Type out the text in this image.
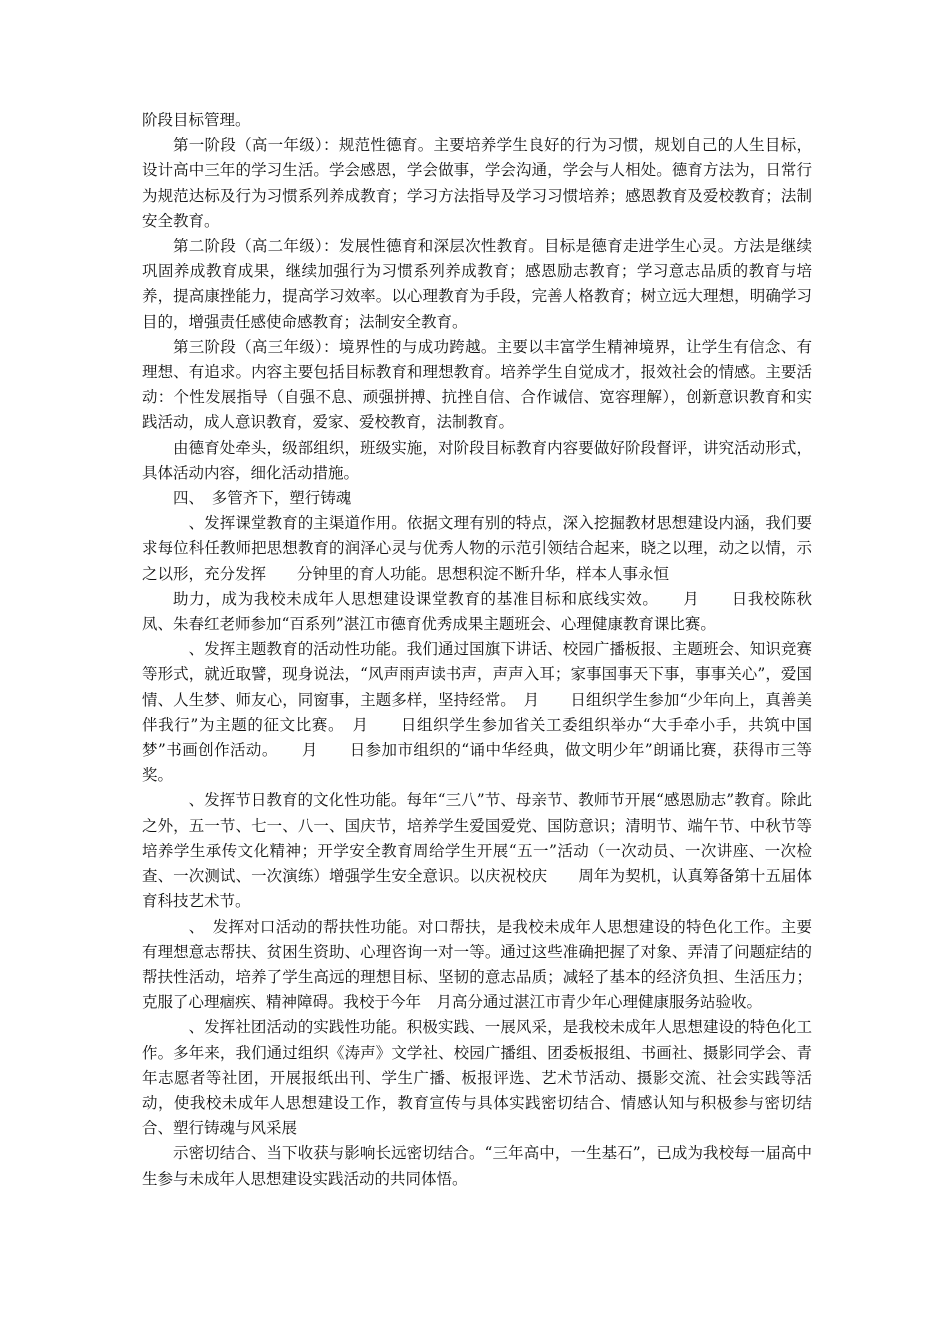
阶段目标管理。

第一阶段（高一年级）：规范性德育。主要培养学生良好的行为习惯，规划自己的人生目标，设计高中三年的学习生活。学会感恩，学会做事，学会沟通，学会与人相处。德育方法为，日常行为规范达标及行为习惯系列养成教育；学习方法指导及学习习惯培养；感恩教育及爱校教育；法制安全教育。

第二阶段（高二年级）：发展性德育和深层次性教育。目标是德育走进学生心灵。方法是继续巩固养成教育成果，继续加强行为习惯系列养成教育；感恩励志教育；学习意志品质的教育与培养，提高康挫能力，提高学习效率。以心理教育为手段，完善人格教育；树立远大理想，明确学习目的，增强责任感使命感教育；法制安全教育。

第三阶段（高三年级）：境界性的与成功跨越。主要以丰富学生精神境界，让学生有信念、有理想、有追求。内容主要包括目标教育和理想教育。培养学生自觉成才，报效社会的情感。主要活动：个性发展指导（自强不息、顽强拼搏、抗挫自信、合作诚信、宽容理解），创新意识教育和实践活动，成人意识教育，爱家、爱校教育，法制教育。

由德育处牵头，级部组织，班级实施，对阶段目标教育内容要做好阶段督评，讲究活动形式，具体活动内容，细化活动措施。

四、　多管齐下，塑行铸魂

　、发挥课堂教育的主渠道作用。依据文理有别的特点，深入挖掘教材思想建设内涵，我们要求每位科任教师把思想教育的润泽心灵与优秀人物的示范引领结合起来，晓之以理，动之以情，示之以形，充分发挥　　分钟里的育人功能。思想积淀不断升华，样本人事永恒

助力，成为我校未成年人思想建设课堂教育的基准目标和底线实效。　　月　　日我校陈秋凤、朱春红老师参加“百系列”湛江市德育优秀成果主题班会、心理健康教育课比赛。

　、发挥主题教育的活动性功能。我们通过国旗下讲话、校园广播板报、主题班会、知识竞赛等形式，就近取譬，现身说法，“风声雨声读书声，声声入耳；家事国事天下事，事事关心”，爱国情、人生梦、师友心，同窗事，主题多样，坚持经常。　月　　日组织学生参加“少年向上，真善美伴我行”为主题的征文比赛。　月　　日组织学生参加省关工委组织举办“大手牵小手，共筑中国梦”书画创作活动。　　月　　日参加市组织的“诵中华经典，做文明少年”朗诵比赛，获得市三等奖。

　、发挥节日教育的文化性功能。每年“三八”节、母亲节、教师节开展“感恩励志”教育。除此之外，五一节、七一、八一、国庆节，培养学生爱国爱党、国防意识；清明节、端午节、中秋节等培养学生承传文化精神；开学安全教育周给学生开展“五一”活动（一次动员、一次讲座、一次检查、一次测试、一次演练）增强学生安全意识。以庆祝校庆　　周年为契机，认真筹备第十五届体育科技艺术节。

　、　发挥对口活动的帮扶性功能。对口帮扶，是我校未成年人思想建设的特色化工作。主要有理想意志帮扶、贫困生资助、心理咨询一对一等。通过这些准确把握了对象、弄清了问题症结的帮扶性活动，培养了学生高远的理想目标、坚韧的意志品质；减轻了基本的经济负担、生活压力；克服了心理痼疾、精神障碍。我校于今年　月高分通过湛江市青少年心理健康服务站验收。

　、发挥社团活动的实践性功能。积极实践、一展风采，是我校未成年人思想建设的特色化工作。多年来，我们通过组织《涛声》文学社、校园广播组、团委板报组、书画社、摄影同学会、青年志愿者等社团，开展报纸出刊、学生广播、板报评选、艺术节活动、摄影交流、社会实践等活动，使我校未成年人思想建设工作，教育宣传与具体实践密切结合、情感认知与积极参与密切结合、塑行铸魂与风采展

示密切结合、当下收获与影响长远密切结合。“三年高中，一生基石”，已成为我校每一届高中生参与未成年人思想建设实践活动的共同体悟。
